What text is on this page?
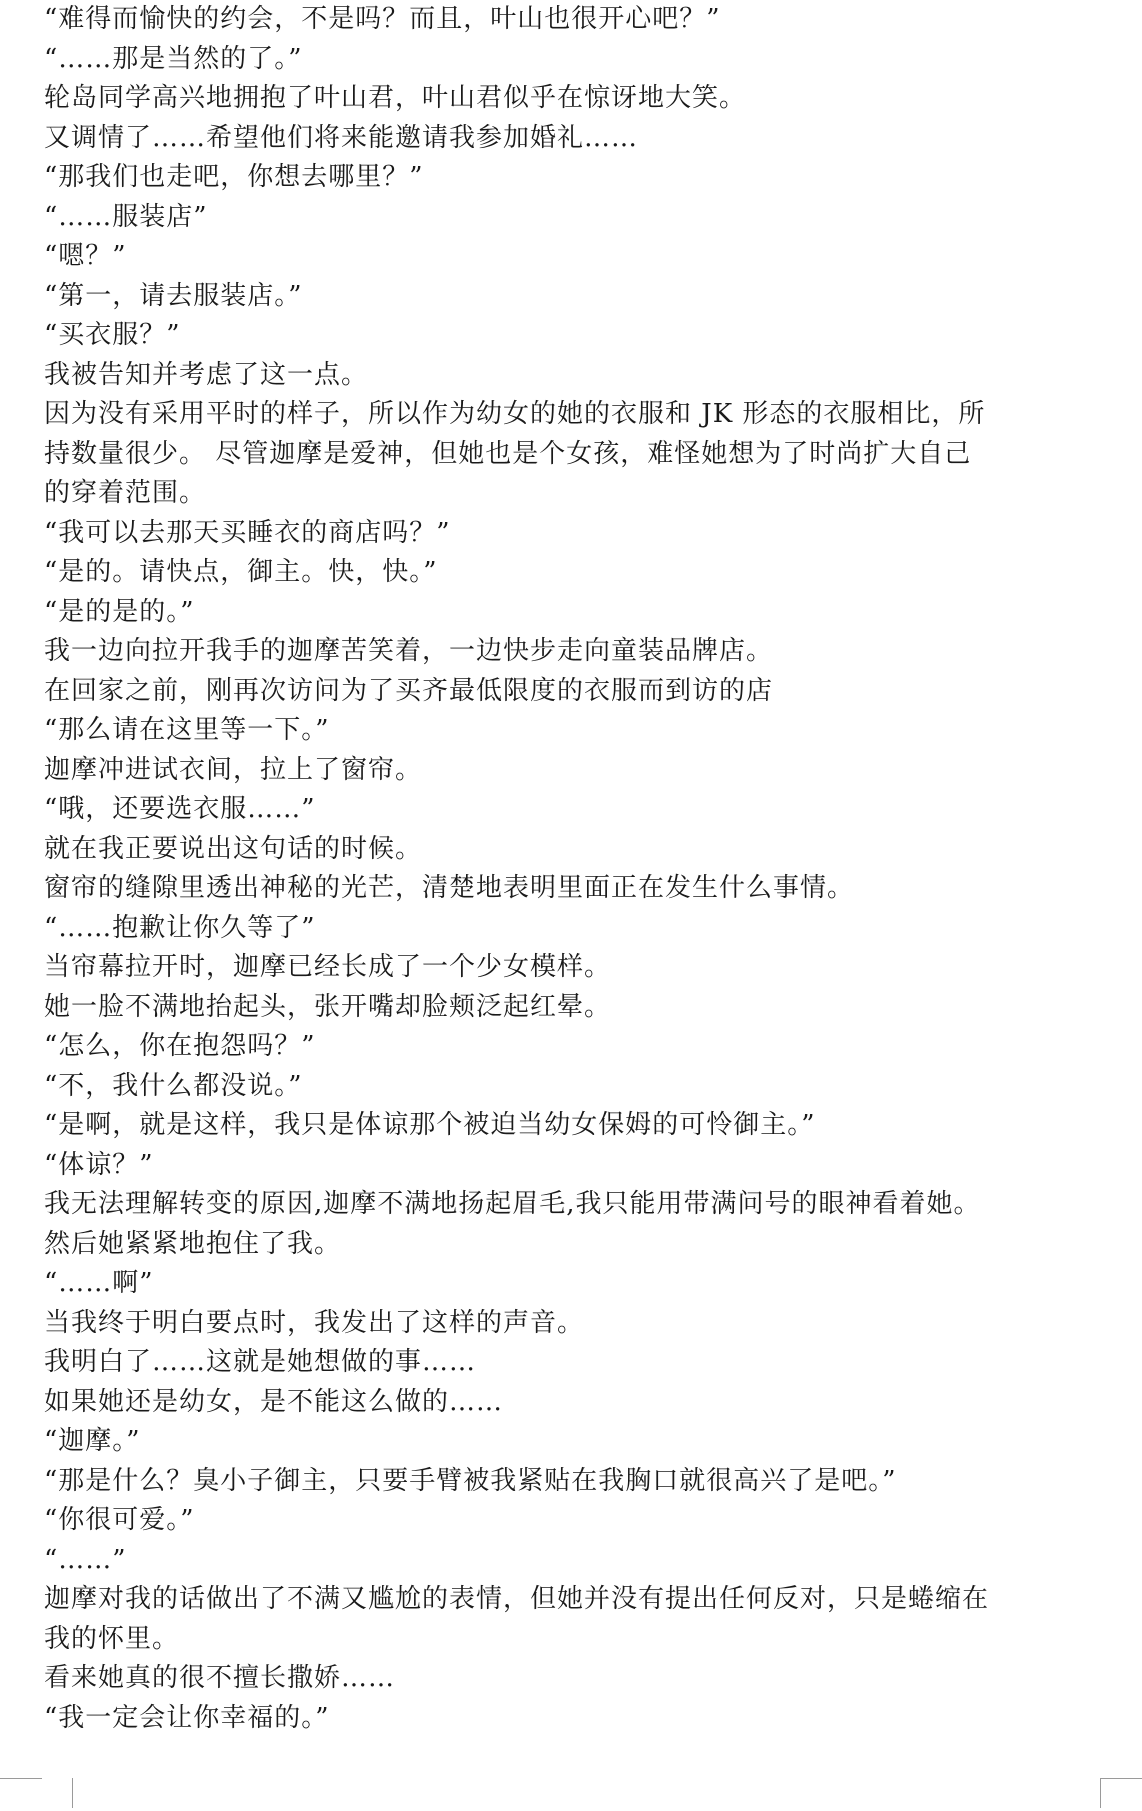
“难得而愉快的约会，不是吗？而且，叶山也很开心吧？”
“……那是当然的了。”
轮岛同学高兴地拥抱了叶山君，叶山君似乎在惊讶地大笑。
又调情了……希望他们将来能邀请我参加婚礼……
“那我们也走吧，你想去哪里？”
“……服装店”
“嗯？”
“第一，请去服装店。”
“买衣服？”
我被告知并考虑了这一点。
因为没有采用平时的样子，所以作为幼女的她的衣服和 JK 形态的衣服相比，所
持数量很少。 尽管迦摩是爱神，但她也是个女孩，难怪她想为了时尚扩大自己
的穿着范围。
“我可以去那天买睡衣的商店吗？”
“是的。请快点，御主。快，快。”
“是的是的。”
我一边向拉开我手的迦摩苦笑着，一边快步走向童装品牌店。
在回家之前，刚再次访问为了买齐最低限度的衣服而到访的店
“那么请在这里等一下。”
迦摩冲进试衣间，拉上了窗帘。
“哦，还要选衣服……”
就在我正要说出这句话的时候。
窗帘的缝隙里透出神秘的光芒，清楚地表明里面正在发生什么事情。
“……抱歉让你久等了”
当帘幕拉开时，迦摩已经长成了一个少女模样。
她一脸不满地抬起头，张开嘴却脸颊泛起红晕。
“怎么，你在抱怨吗？”
“不，我什么都没说。”
“是啊，就是这样，我只是体谅那个被迫当幼女保姆的可怜御主。”
“体谅？”
我无法理解转变的原因,迦摩不满地扬起眉毛,我只能用带满问号的眼神看着她。
然后她紧紧地抱住了我。
“……啊”
当我终于明白要点时，我发出了这样的声音。
我明白了……这就是她想做的事……
如果她还是幼女，是不能这么做的……
“迦摩。”
“那是什么？臭小子御主，只要手臂被我紧贴在我胸口就很高兴了是吧。”
“你很可爱。”
“……”
迦摩对我的话做出了不满又尴尬的表情，但她并没有提出任何反对，只是蜷缩在
我的怀里。
看来她真的很不擅长撒娇……
“我一定会让你幸福的。”
